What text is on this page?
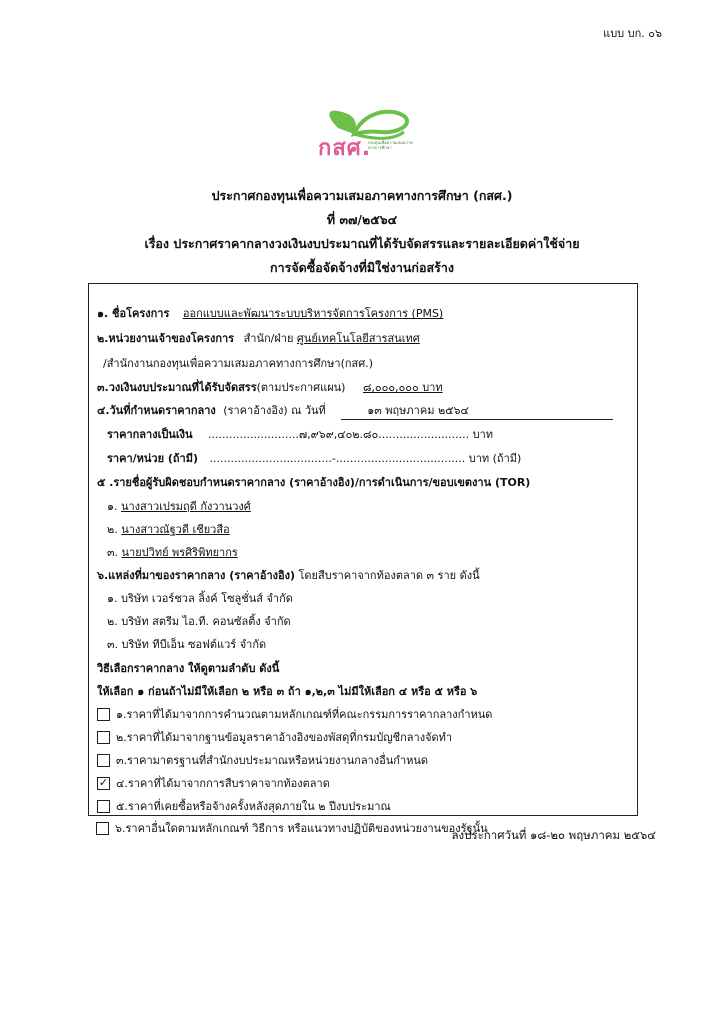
แบบ บก. ๐๖
กสศ.
กองทุนเพื่อความเสมอภาคทางการศึกษา
ประกาศกองทุนเพื่อความเสมอภาคทางการศึกษา (กสศ.)
ที่ ๓๗/๒๕๖๔
เรื่อง ประกาศราคากลางวงเงินงบประมาณที่ได้รับจัดสรรและรายละเอียดค่าใช้จ่าย
การจัดซื้อจัดจ้างที่มิใช่งานก่อสร้าง
๑. ชื่อโครงการ ออกแบบและพัฒนาระบบบริหารจัดการโครงการ (PMS)
๒.หน่วยงานเจ้าของโครงการ สำนัก/ฝ่าย ศูนย์เทคโนโลยีสารสนเทศ
/สำนักงานกองทุนเพื่อความเสมอภาคทางการศึกษา(กสศ.)
๓.วงเงินงบประมาณที่ได้รับจัดสรร(ตามประกาศแผน) ๘,๐๐๐,๐๐๐ บาท
๔.วันที่กำหนดราคากลาง (ราคาอ้างอิง) ณ วันที่	๑๓ พฤษภาคม ๒๕๖๔
ราคากลางเป็นเงิน ..........................๗,๙๖๙,๔๐๒.๘๐.......................... บาท
ราคา/หน่วย (ถ้ามี) ...................................-..................................... บาท (ถ้ามี)
๕ .รายชื่อผู้รับผิดชอบกำหนดราคากลาง (ราคาอ้างอิง)/การดำเนินการ/ขอบเขตงาน (TOR)
๑. นางสาวเปรมฤดี กังวานวงศ์
๒. นางสาวณัฐวดี เชียวสือ
๓. นายปวิทย์ พรศิริพิทยากร
๖.แหล่งที่มาของราคากลาง (ราคาอ้างอิง) โดยสืบราคาจากท้องตลาด ๓ ราย ดังนี้
๑. บริษัท เวอร์ชวล ลิ้งค์ โซลูชั่นส์ จำกัด
๒. บริษัท สตรีม ไอ.ที. คอนซัลติ้ง จำกัด
๓. บริษัท ทีบีเอ็น ซอฟต์แวร์ จำกัด
วิธีเลือกราคากลาง ให้ดูตามลำดับ ดังนี้
ให้เลือก ๑ ก่อนถ้าไม่มีให้เลือก ๒ หรือ ๓ ถ้า ๑,๒,๓ ไม่มีให้เลือก ๔ หรือ ๕ หรือ ๖
๑.ราคาที่ได้มาจากการคำนวณตามหลักเกณฑ์ที่คณะกรรมการราคากลางกำหนด
๒.ราคาที่ได้มาจากฐานข้อมูลราคาอ้างอิงของพัสดุที่กรมบัญชีกลางจัดทำ
๓.ราคามาตรฐานที่สำนักงบประมาณหรือหน่วยงานกลางอื่นกำหนด
✓ ๔.ราคาที่ได้มาจากการสืบราคาจากท้องตลาด
๕.ราคาที่เคยซื้อหรือจ้างครั้งหลังสุดภายใน ๒ ปีงบประมาณ
๖.ราคาอื่นใดตามหลักเกณฑ์ วิธีการ หรือแนวทางปฏิบัติของหน่วยงานของรัฐนั้น
ลงประกาศวันที่ ๑๘-๒๐ พฤษภาคม ๒๕๖๔
